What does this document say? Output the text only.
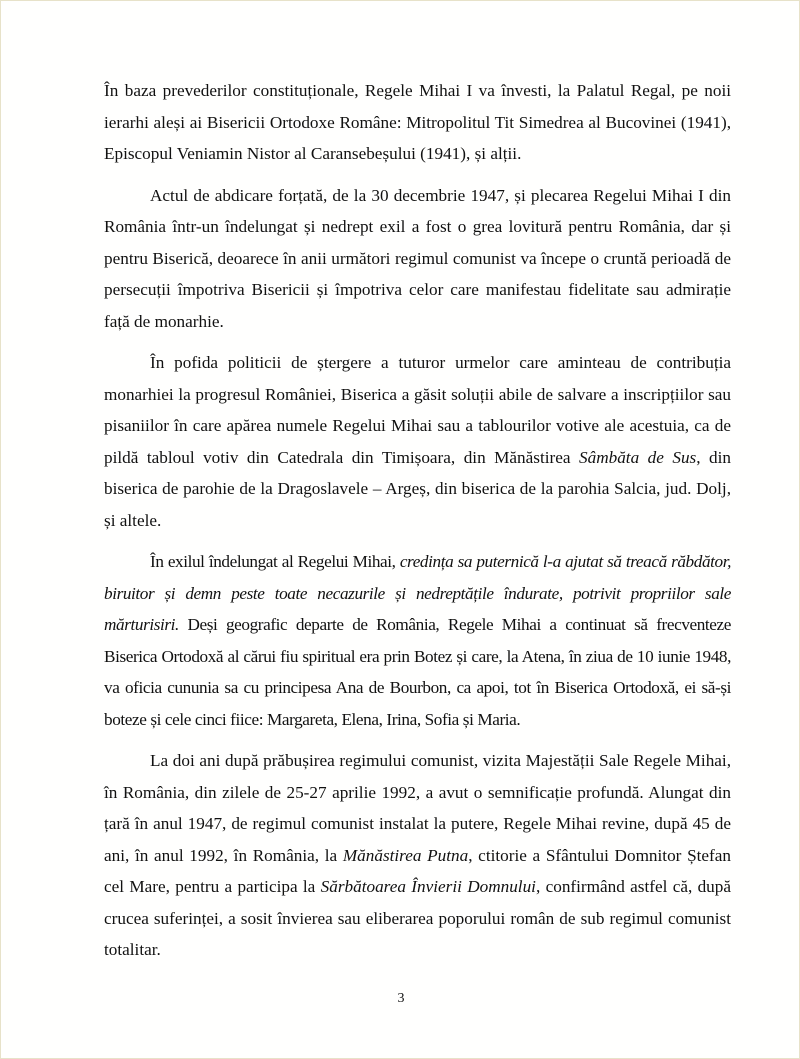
În baza prevederilor constituționale, Regele Mihai I va învesti, la Palatul Regal, pe noii ierarhi aleși ai Bisericii Ortodoxe Române: Mitropolitul Tit Simedrea al Bucovinei (1941), Episcopul Veniamin Nistor al Caransebeșului (1941), și alții.

Actul de abdicare forțată, de la 30 decembrie 1947, și plecarea Regelui Mihai I din România într-un îndelungat și nedrept exil a fost o grea lovitură pentru România, dar și pentru Biserică, deoarece în anii următori regimul comunist va începe o cruntă perioadă de persecuții împotriva Bisericii și împotriva celor care manifestau fidelitate sau admirație față de monarhie.

În pofida politicii de ștergere a tuturor urmelor care aminteau de contribuția monarhiei la progresul României, Biserica a găsit soluții abile de salvare a inscripțiilor sau pisaniilor în care apărea numele Regelui Mihai sau a tablourilor votive ale acestuia, ca de pildă tabloul votiv din Catedrala din Timișoara, din Mănăstirea Sâmbăta de Sus, din biserica de parohie de la Dragoslavele – Argeș, din biserica de la parohia Salcia, jud. Dolj, și altele.

În exilul îndelungat al Regelui Mihai, credința sa puternică l-a ajutat să treacă răbdător, biruitor și demn peste toate necazurile și nedreptățile îndurate, potrivit propriilor sale mărturisiri. Deși geografic departe de România, Regele Mihai a continuat să frecventeze Biserica Ortodoxă al cărui fiu spiritual era prin Botez și care, la Atena, în ziua de 10 iunie 1948, va oficia cununia sa cu principesa Ana de Bourbon, ca apoi, tot în Biserica Ortodoxă, ei să-și boteze și cele cinci fiice: Margareta, Elena, Irina, Sofia și Maria.

La doi ani după prăbușirea regimului comunist, vizita Majestății Sale Regele Mihai, în România, din zilele de 25-27 aprilie 1992, a avut o semnificație profundă. Alungat din țară în anul 1947, de regimul comunist instalat la putere, Regele Mihai revine, după 45 de ani, în anul 1992, în România, la Mănăstirea Putna, ctitorie a Sfântului Domnitor Ștefan cel Mare, pentru a participa la Sărbătoarea Învierii Domnului, confirmând astfel că, după crucea suferinței, a sosit învierea sau eliberarea poporului român de sub regimul comunist totalitar.

3
